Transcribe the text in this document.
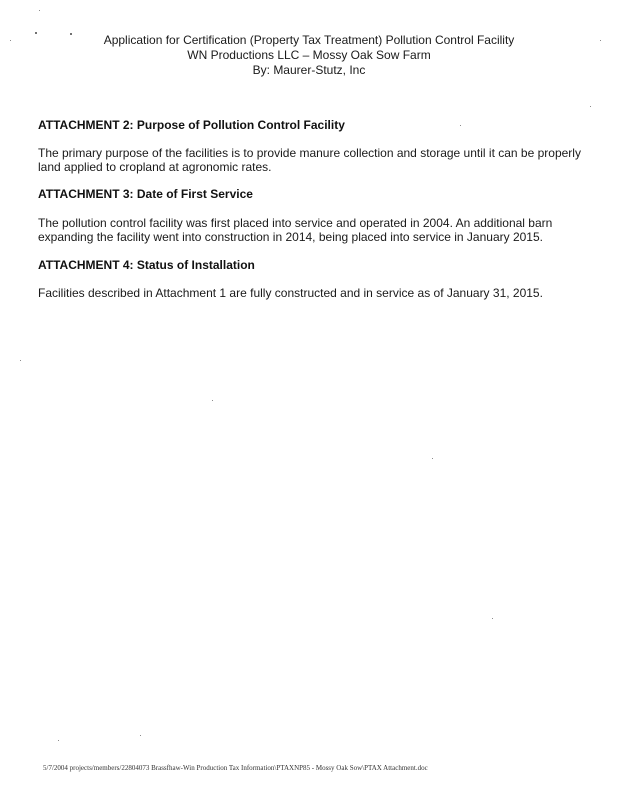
Application for Certification (Property Tax Treatment) Pollution Control Facility
WN Productions LLC – Mossy Oak Sow Farm
By: Maurer-Stutz, Inc
ATTACHMENT 2: Purpose of Pollution Control Facility
The primary purpose of the facilities is to provide manure collection and storage until it can be properly land applied to cropland at agronomic rates.
ATTACHMENT 3: Date of First Service
The pollution control facility was first placed into service and operated in 2004. An additional barn expanding the facility went into construction in 2014, being placed into service in January 2015.
ATTACHMENT 4: Status of Installation
Facilities described in Attachment 1 are fully constructed and in service as of January 31, 2015.
5/7/2004 projects/members/22804073 Brassfhaw-Win Production Tax Information\PTAXNP85 - Mossy Oak Sow\PTAX Attachment.doc
